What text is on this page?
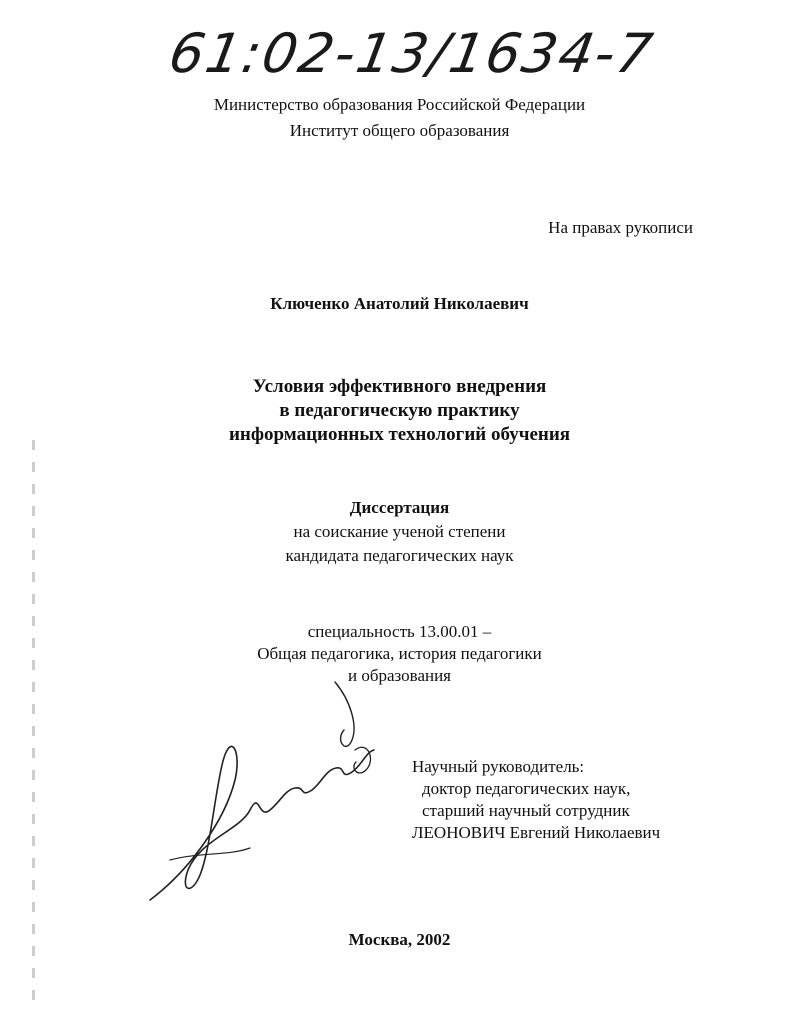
61:02-13/1634-7
Министерство образования Российской Федерации
Институт общего образования
На правах рукописи
Ключенко Анатолий Николаевич
Условия эффективного внедрения
в педагогическую практику
информационных технологий обучения
Диссертация
на соискание ученой степени
кандидата педагогических наук
специальность 13.00.01 –
Общая педагогика, история педагогики
и образования
Научный руководитель:
доктор педагогических наук,
старший научный сотрудник
ЛЕОНОВИЧ Евгений Николаевич
Москва, 2002
